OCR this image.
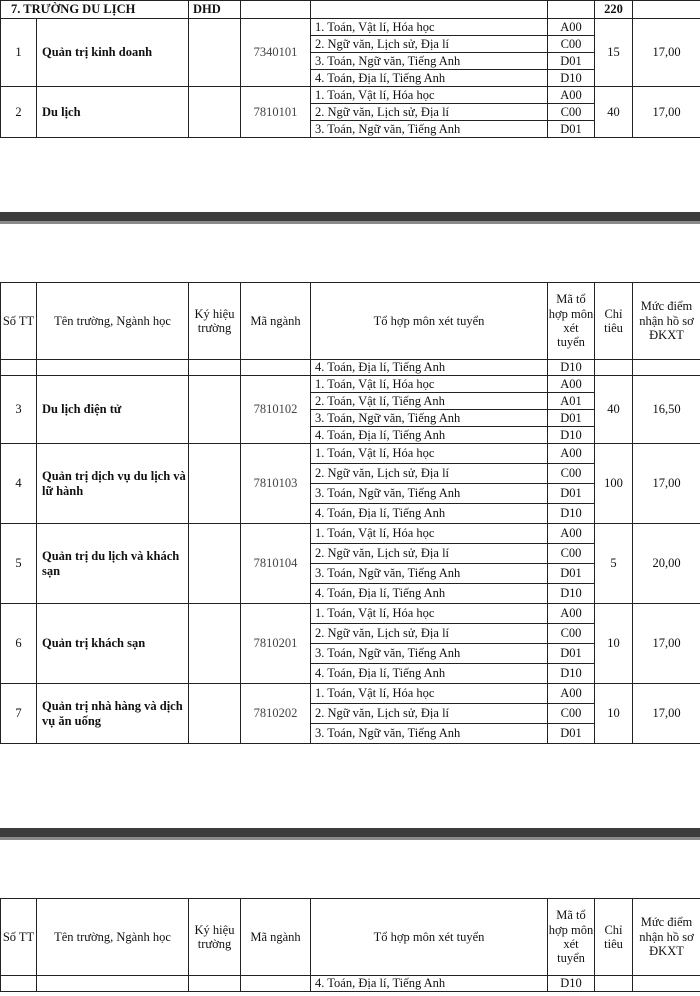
7. TRƯỜNG DU LỊCH		DHD				220	
1	Quản trị kinh doanh		7340101	1. Toán, Vật lí, Hóa học	A00	15	17,00
				2. Ngữ văn, Lịch sử, Địa lí	C00		
				3. Toán, Ngữ văn, Tiếng Anh	D01		
				4. Toán, Địa lí, Tiếng Anh	D10		
2	Du lịch		7810101	1. Toán, Vật lí, Hóa học	A00	40	17,00
				2. Ngữ văn, Lịch sử, Địa lí	C00		
				3. Toán, Ngữ văn, Tiếng Anh	D01		
Số TT	Tên trường, Ngành học	Ký hiệu trường	Mã ngành	Tổ hợp môn xét tuyển	Mã tổ hợp môn xét tuyển	Chỉ tiêu	Mức điểm nhận hồ sơ ĐKXT
				4. Toán, Địa lí, Tiếng Anh	D10		
3	Du lịch điện tử		7810102	1. Toán, Vật lí, Hóa học	A00	40	16,50
				2. Toán, Vật lí, Tiếng Anh	A01		
				3. Toán, Ngữ văn, Tiếng Anh	D01		
				4. Toán, Địa lí, Tiếng Anh	D10		
4	Quản trị dịch vụ du lịch và lữ hành		7810103	1. Toán, Vật lí, Hóa học	A00	100	17,00
				2. Ngữ văn, Lịch sử, Địa lí	C00		
				3. Toán, Ngữ văn, Tiếng Anh	D01		
				4. Toán, Địa lí, Tiếng Anh	D10		
5	Quản trị du lịch và khách sạn		7810104	1. Toán, Vật lí, Hóa học	A00	5	20,00
				2. Ngữ văn, Lịch sử, Địa lí	C00		
				3. Toán, Ngữ văn, Tiếng Anh	D01		
				4. Toán, Địa lí, Tiếng Anh	D10		
6	Quản trị khách sạn		7810201	1. Toán, Vật lí, Hóa học	A00	10	17,00
				2. Ngữ văn, Lịch sử, Địa lí	C00		
				3. Toán, Ngữ văn, Tiếng Anh	D01		
				4. Toán, Địa lí, Tiếng Anh	D10		
7	Quản trị nhà hàng và dịch vụ ăn uống		7810202	1. Toán, Vật lí, Hóa học	A00	10	17,00
				2. Ngữ văn, Lịch sử, Địa lí	C00		
				3. Toán, Ngữ văn, Tiếng Anh	D01		
Số TT	Tên trường, Ngành học	Ký hiệu trường	Mã ngành	Tổ hợp môn xét tuyển	Mã tổ hợp môn xét tuyển	Chỉ tiêu	Mức điểm nhận hồ sơ ĐKXT
				4. Toán, Địa lí, Tiếng Anh	D10		
